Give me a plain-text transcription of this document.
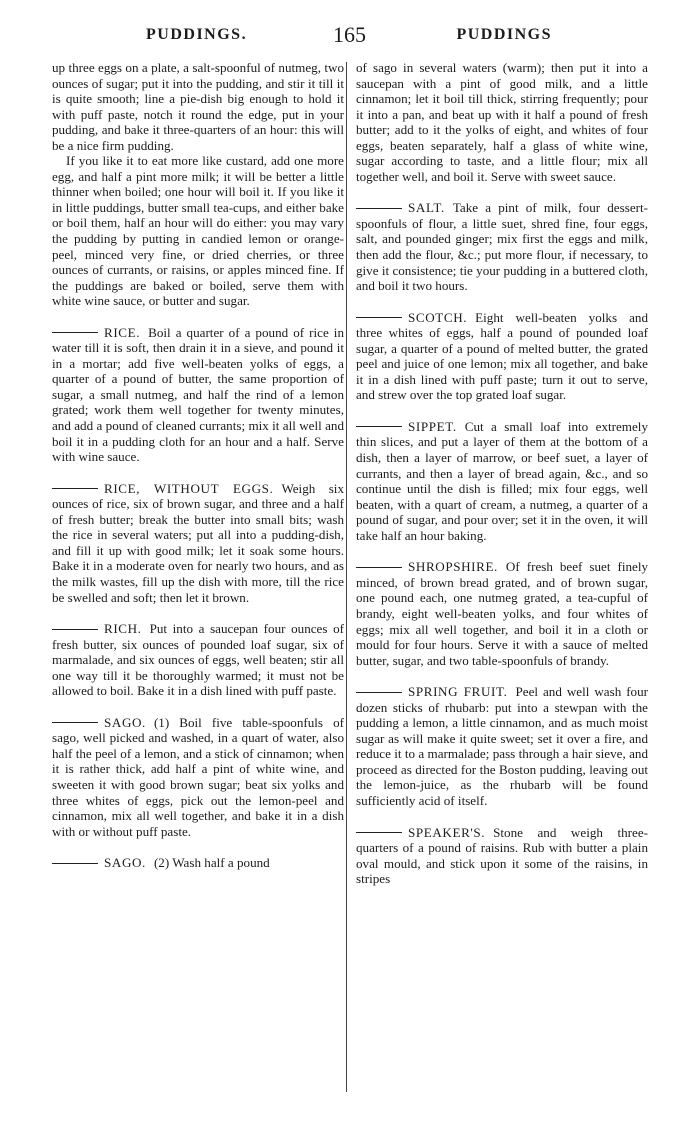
PUDDINGS.	165	PUDDINGS

up three eggs on a plate, a salt-spoonful of nutmeg, two ounces of sugar; put it into the pudding, and stir it till it is quite smooth; line a pie-dish big enough to hold it with puff paste, notch it round the edge, put in your pudding, and bake it three-quarters of an hour: this will be a nice firm pudding.

If you like it to eat more like custard, add one more egg, and half a pint more milk; it will be better a little thinner when boiled; one hour will boil it. If you like it in little puddings, butter small tea-cups, and either bake or boil them, half an hour will do either: you may vary the pudding by putting in candied lemon or orange-peel, minced very fine, or dried cherries, or three ounces of currants, or raisins, or apples minced fine. If the puddings are baked or boiled, serve them with white wine sauce, or butter and sugar.

RICE. Boil a quarter of a pound of rice in water till it is soft, then drain it in a sieve, and pound it in a mortar; add five well-beaten yolks of eggs, a quarter of a pound of butter, the same proportion of sugar, a small nutmeg, and half the rind of a lemon grated; work them well together for twenty minutes, and add a pound of cleaned currants; mix it all well and boil it in a pudding cloth for an hour and a half. Serve with wine sauce.
RICE, WITHOUT EGGS. Weigh six ounces of rice, six of brown sugar, and three and a half of fresh butter; break the butter into small bits; wash the rice in several waters; put all into a pudding-dish, and fill it up with good milk; let it soak some hours. Bake it in a moderate oven for nearly two hours, and as the milk wastes, fill up the dish with more, till the rice be swelled and soft; then let it brown.
RICH. Put into a saucepan four ounces of fresh butter, six ounces of pounded loaf sugar, six of marmalade, and six ounces of eggs, well beaten; stir all one way till it be thoroughly warmed; it must not be allowed to boil. Bake it in a dish lined with puff paste.
SAGO. (1) Boil five table-spoonfuls of sago, well picked and washed, in a quart of water, also half the peel of a lemon, and a stick of cinnamon; when it is rather thick, add half a pint of white wine, and sweeten it with good brown sugar; beat six yolks and three whites of eggs, pick out the lemon-peel and cinnamon, mix all well together, and bake it in a dish with or without puff paste.
SAGO. (2) Wash half a pound

of sago in several waters (warm); then put it into a saucepan with a pint of good milk, and a little cinnamon; let it boil till thick, stirring frequently; pour it into a pan, and beat up with it half a pound of fresh butter; add to it the yolks of eight, and whites of four eggs, beaten separately, half a glass of white wine, sugar according to taste, and a little flour; mix all together well, and boil it. Serve with sweet sauce.

SALT. Take a pint of milk, four dessert-spoonfuls of flour, a little suet, shred fine, four eggs, salt, and pounded ginger; mix first the eggs and milk, then add the flour, &c.; put more flour, if necessary, to give it consistence; tie your pudding in a buttered cloth, and boil it two hours.
SCOTCH. Eight well-beaten yolks and three whites of eggs, half a pound of pounded loaf sugar, a quarter of a pound of melted butter, the grated peel and juice of one lemon; mix all together, and bake it in a dish lined with puff paste; turn it out to serve, and strew over the top grated loaf sugar.
SIPPET. Cut a small loaf into extremely thin slices, and put a layer of them at the bottom of a dish, then a layer of marrow, or beef suet, a layer of currants, and then a layer of bread again, &c., and so continue until the dish is filled; mix four eggs, well beaten, with a quart of cream, a nutmeg, a quarter of a pound of sugar, and pour over; set it in the oven, it will take half an hour baking.
SHROPSHIRE. Of fresh beef suet finely minced, of brown bread grated, and of brown sugar, one pound each, one nutmeg grated, a tea-cupful of brandy, eight well-beaten yolks, and four whites of eggs; mix all well together, and boil it in a cloth or mould for four hours. Serve it with a sauce of melted butter, sugar, and two table-spoonfuls of brandy.
SPRING FRUIT. Peel and well wash four dozen sticks of rhubarb: put into a stewpan with the pudding a lemon, a little cinnamon, and as much moist sugar as will make it quite sweet; set it over a fire, and reduce it to a marmalade; pass through a hair sieve, and proceed as directed for the Boston pudding, leaving out the lemon-juice, as the rhubarb will be found sufficiently acid of itself.
SPEAKER'S. Stone and weigh three-quarters of a pound of raisins. Rub with butter a plain oval mould, and stick upon it some of the raisins, in stripes
